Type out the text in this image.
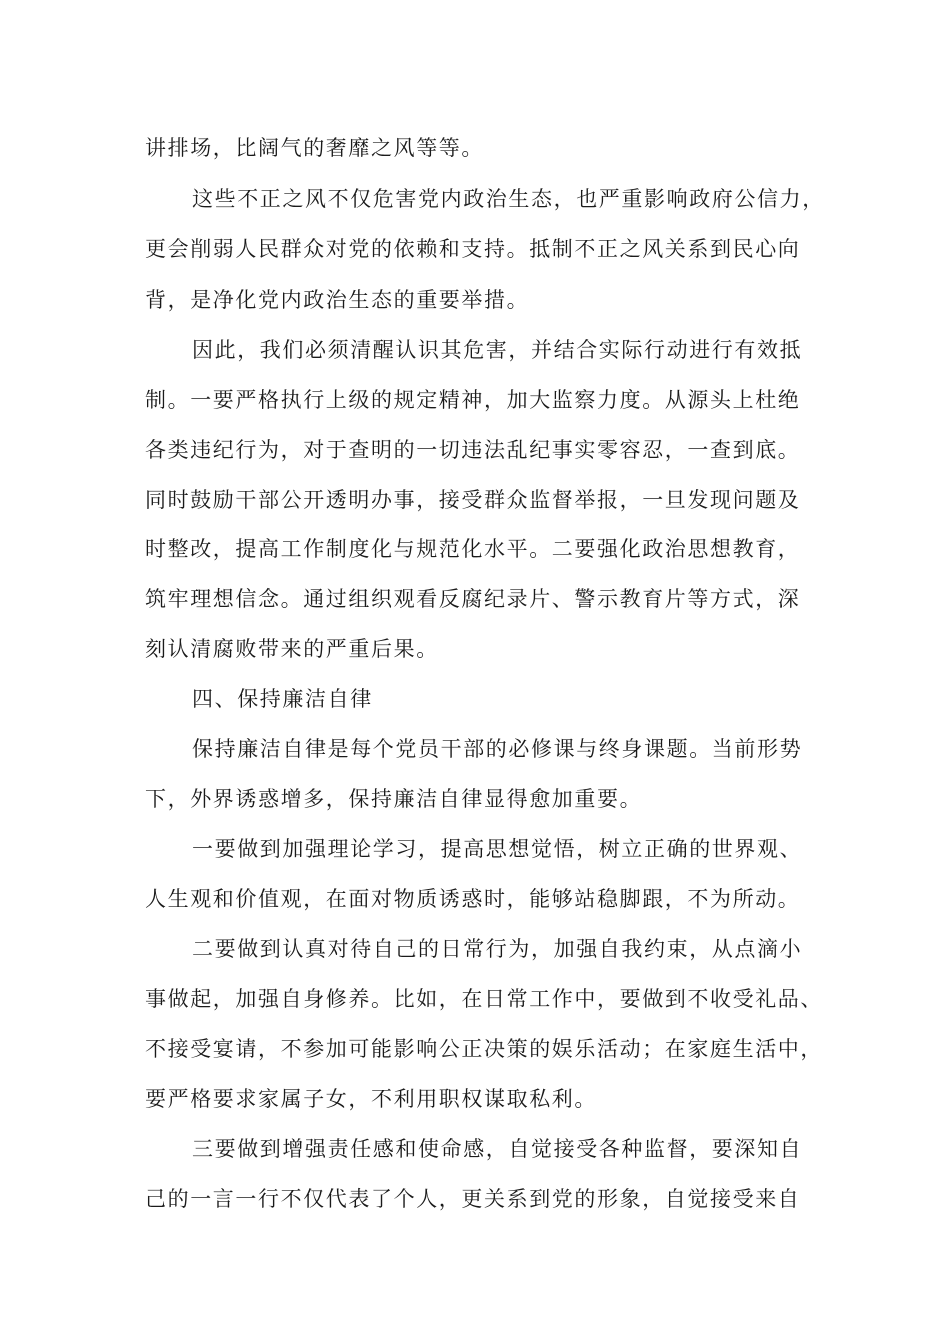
讲排场，比阔气的奢靡之风等等。

这些不正之风不仅危害党内政治生态，也严重影响政府公信力，

更会削弱人民群众对党的依赖和支持。抵制不正之风关系到民心向

背，是净化党内政治生态的重要举措。

因此，我们必须清醒认识其危害，并结合实际行动进行有效抵

制。一要严格执行上级的规定精神，加大监察力度。从源头上杜绝

各类违纪行为，对于查明的一切违法乱纪事实零容忍，一查到底。

同时鼓励干部公开透明办事，接受群众监督举报，一旦发现问题及

时整改，提高工作制度化与规范化水平。二要强化政治思想教育，

筑牢理想信念。通过组织观看反腐纪录片、警示教育片等方式，深

刻认清腐败带来的严重后果。

四、保持廉洁自律

保持廉洁自律是每个党员干部的必修课与终身课题。当前形势

下，外界诱惑增多，保持廉洁自律显得愈加重要。

一要做到加强理论学习，提高思想觉悟，树立正确的世界观、

人生观和价值观，在面对物质诱惑时，能够站稳脚跟，不为所动。

二要做到认真对待自己的日常行为，加强自我约束，从点滴小

事做起，加强自身修养。比如，在日常工作中，要做到不收受礼品、

不接受宴请，不参加可能影响公正决策的娱乐活动；在家庭生活中，

要严格要求家属子女，不利用职权谋取私利。

三要做到增强责任感和使命感，自觉接受各种监督，要深知自

己的一言一行不仅代表了个人，更关系到党的形象，自觉接受来自
